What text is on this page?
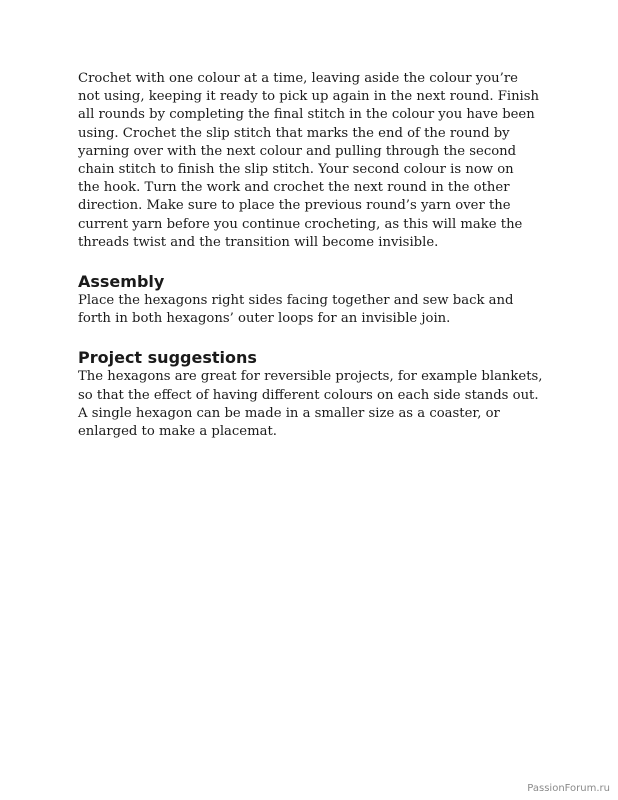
Crochet with one colour at a time, leaving aside the colour you’re
not using, keeping it ready to pick up again in the next round. Finish
all rounds by completing the final stitch in the colour you have been
using. Crochet the slip stitch that marks the end of the round by
yarning over with the next colour and pulling through the second
chain stitch to finish the slip stitch. Your second colour is now on
the hook. Turn the work and crochet the next round in the other
direction. Make sure to place the previous round’s yarn over the
current yarn before you continue crocheting, as this will make the
threads twist and the transition will become invisible.

Assembly

Place the hexagons right sides facing together and sew back and
forth in both hexagons’ outer loops for an invisible join.

Project suggestions

The hexagons are great for reversible projects, for example blankets,
so that the effect of having different colours on each side stands out.
A single hexagon can be made in a smaller size as a coaster, or
enlarged to make a placemat.

PassionForum.ru
